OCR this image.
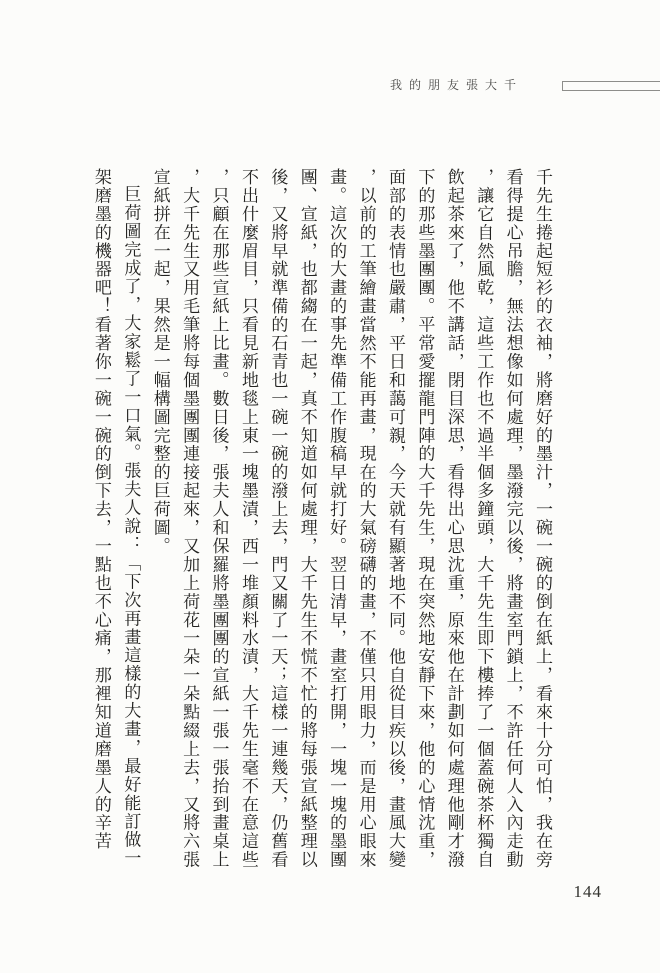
我的朋友張大千

千先生捲起短衫的衣袖，將磨好的墨汁，一碗一碗的倒在紙上，看來十分可怕，我在旁看得提心吊膽，無法想像如何處理，墨潑完以後，將畫室門鎖上，不許任何人入內走動，讓它自然風乾，這些工作也不過半個多鐘頭，大千先生即下樓捧了一個蓋碗茶杯獨自飲起茶來了，他不講話，閉目深思，看得出心思沈重，原來他在計劃如何處理他剛才潑下的那些墨團團。平常愛擺龍門陣的大千先生，現在突然地安靜下來，他的心情沈重，面部的表情也嚴肅，平日和藹可親，今天就有顯著地不同。他自從目疾以後，畫風大變，以前的工筆繪畫當然不能再畫，現在的大氣磅礴的畫，不僅只用眼力，而是用心眼來畫。這次的大畫的事先準備工作腹稿早就打好。翌日清早，畫室打開，一塊一塊的墨團團、宣紙，也都縐在一起，真不知道如何處理，大千先生不慌不忙的將每張宣紙整理以後，又將早就準備的石青也一碗一碗的潑上去，門又關了一天；這樣一連幾天，仍舊看不出什麼眉目，只看見新地毯上東一塊墨漬，西一堆顏料水漬，大千先生毫不在意這些，只顧在那些宣紙上比畫。數日後，張夫人和保羅將墨團團的宣紙一張一張抬到畫桌上，大千先生又用毛筆將每個墨團團連接起來，又加上荷花一朵一朵點綴上去，又將六張宣紙拼在一起，果然是一幅構圖完整的巨荷圖。

巨荷圖完成了，大家鬆了一口氣。張夫人說：「下次再畫這樣的大畫，最好能訂做一架磨墨的機器吧！看著你一碗一碗的倒下去，一點也不心痛，那裡知道磨墨人的辛苦

144
